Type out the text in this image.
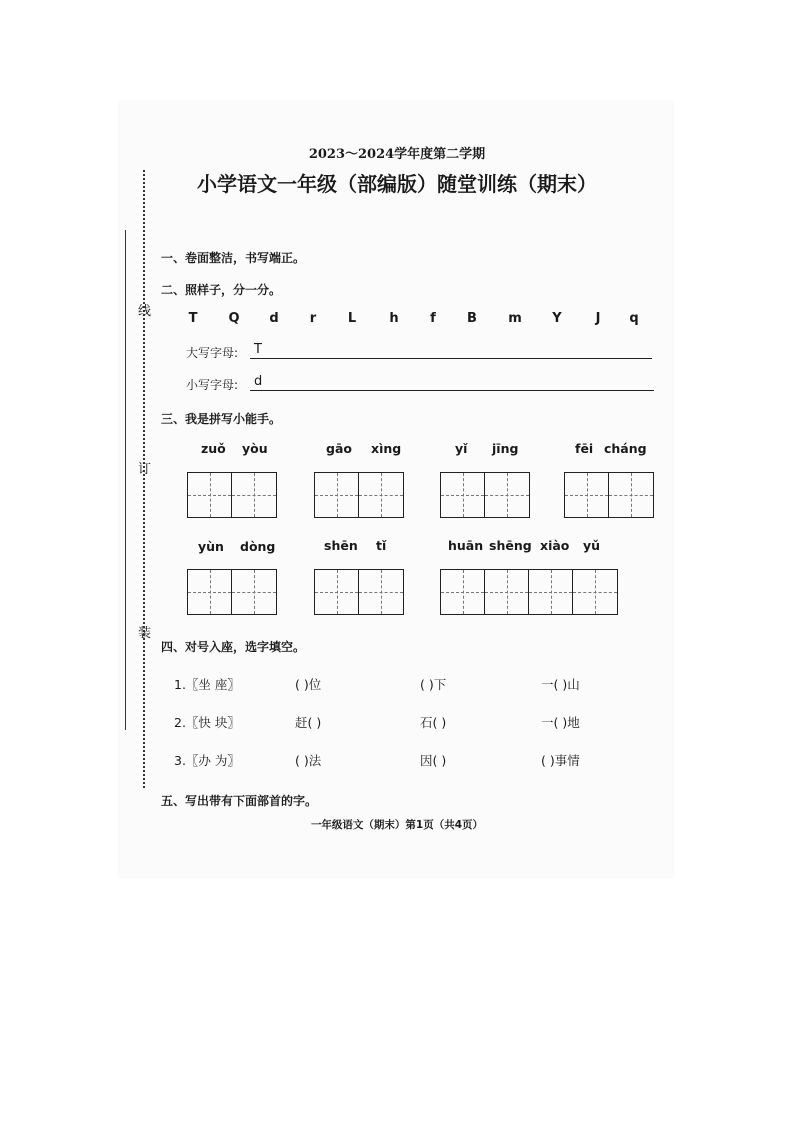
线
订
装
2023～2024学年度第二学期
小学语文一年级（部编版）随堂训练（期末）
一、卷面整洁，书写端正。
二、照样子，分一分。
T	Q	d	r	L	h	f	B	m	Y	J	q
大写字母: T
小写字母: d
三、我是拼写小能手。
zuǒ yòu	gāo xìng	yǐ jīng	fēi cháng
yùn dòng	shēn tǐ	huān shēng xiào yǔ
四、对号入座，选字填空。
1.〖坐 座〗	( )位	( )下	一( )山
2.〖快 块〗	赶( )	石( )	一( )地
3.〖办 为〗	( )法	因( )	( )事情
五、写出带有下面部首的字。
一年级语文（期末）第1页（共4页）
